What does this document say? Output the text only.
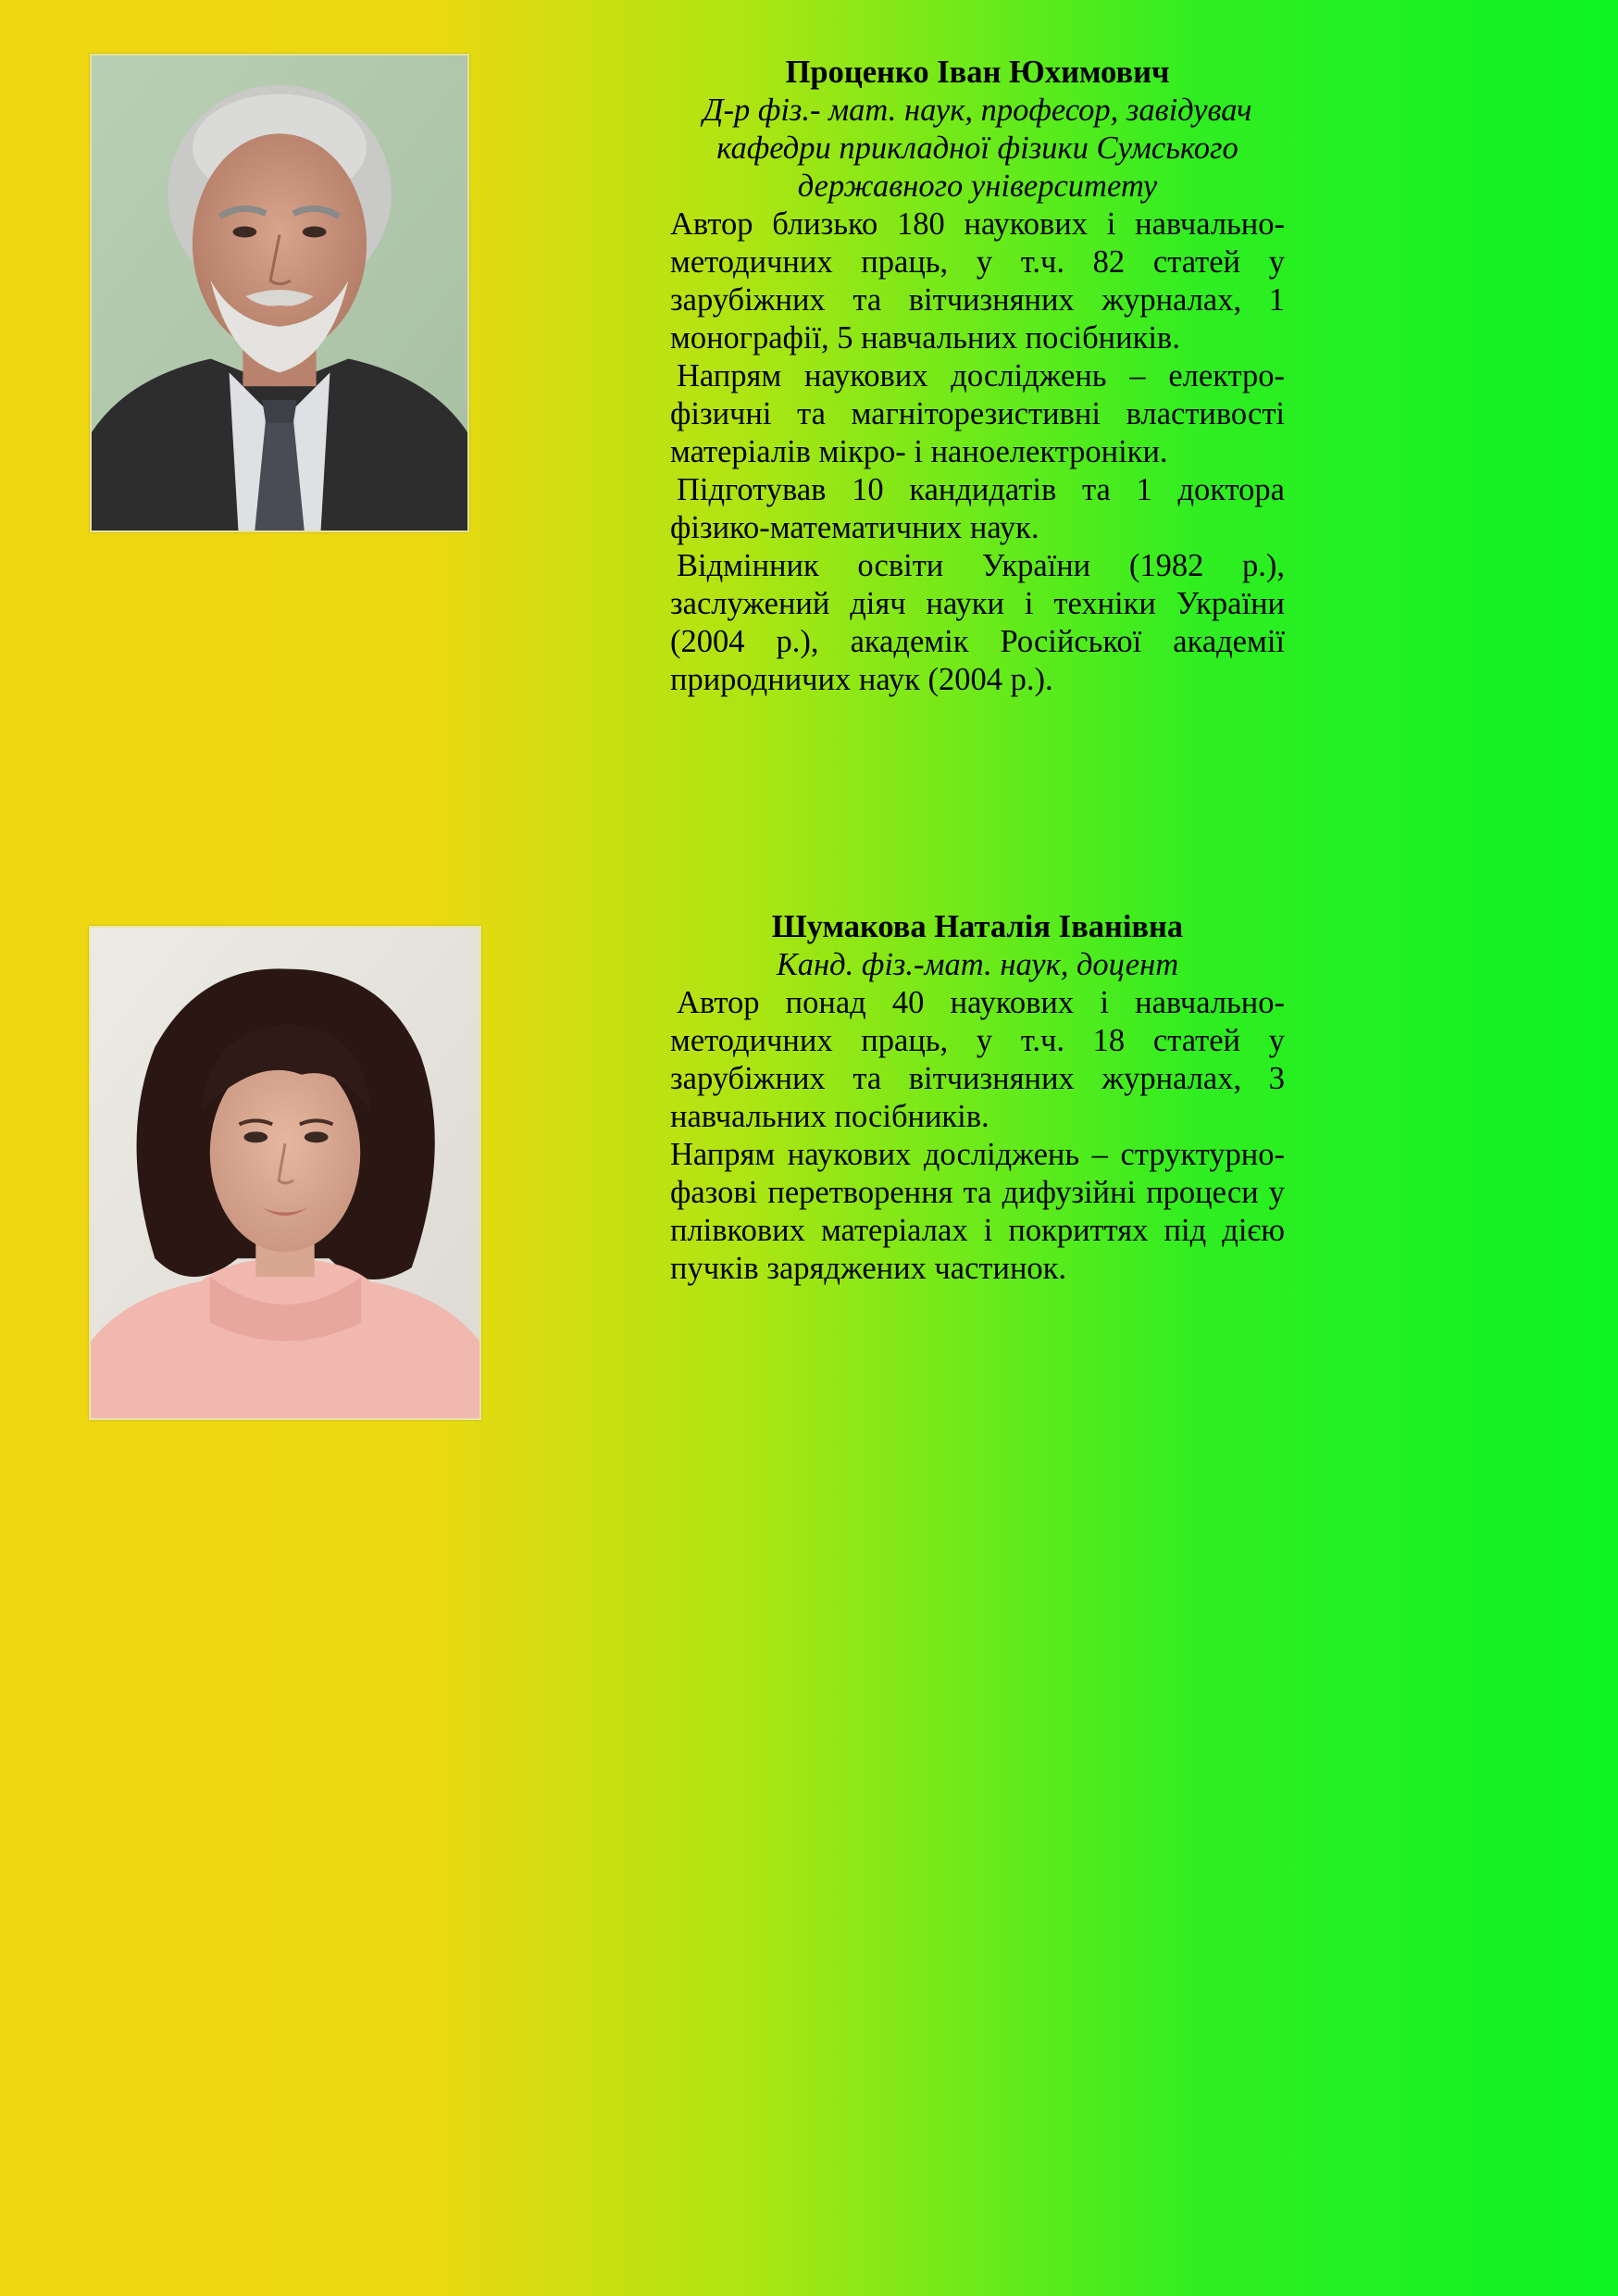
Проценко Іван Юхимович

Д-р фіз.- мат. наук, професор, завідувач кафедри прикладної фізики Сумського державного університету

Автор близько 180 наукових і навчально-методичних праць, у т.ч. 82 статей у зарубіжних та вітчизняних журналах, 1 монографії, 5 навчальних посібників.

Напрям наукових досліджень – електро-фізичні та магніторезистивні властивості матеріалів мікро- і наноелектроніки.

Підготував 10 кандидатів та 1 доктора фізико-математичних наук.

Відмінник освіти України (1982 р.), заслужений діяч науки і техніки України (2004 р.), академік Російської академії природничих наук (2004 р.).

Шумакова Наталія Іванівна

Канд. фіз.-мат. наук, доцент

Автор понад 40 наукових і навчально-методичних праць, у т.ч. 18 статей у зарубіжних та вітчизняних журналах, 3 навчальних посібників.

Напрям наукових досліджень – структурно-фазові перетворення та дифузійні процеси у плівкових матеріалах і покриттях під дією пучків заряджених частинок.
